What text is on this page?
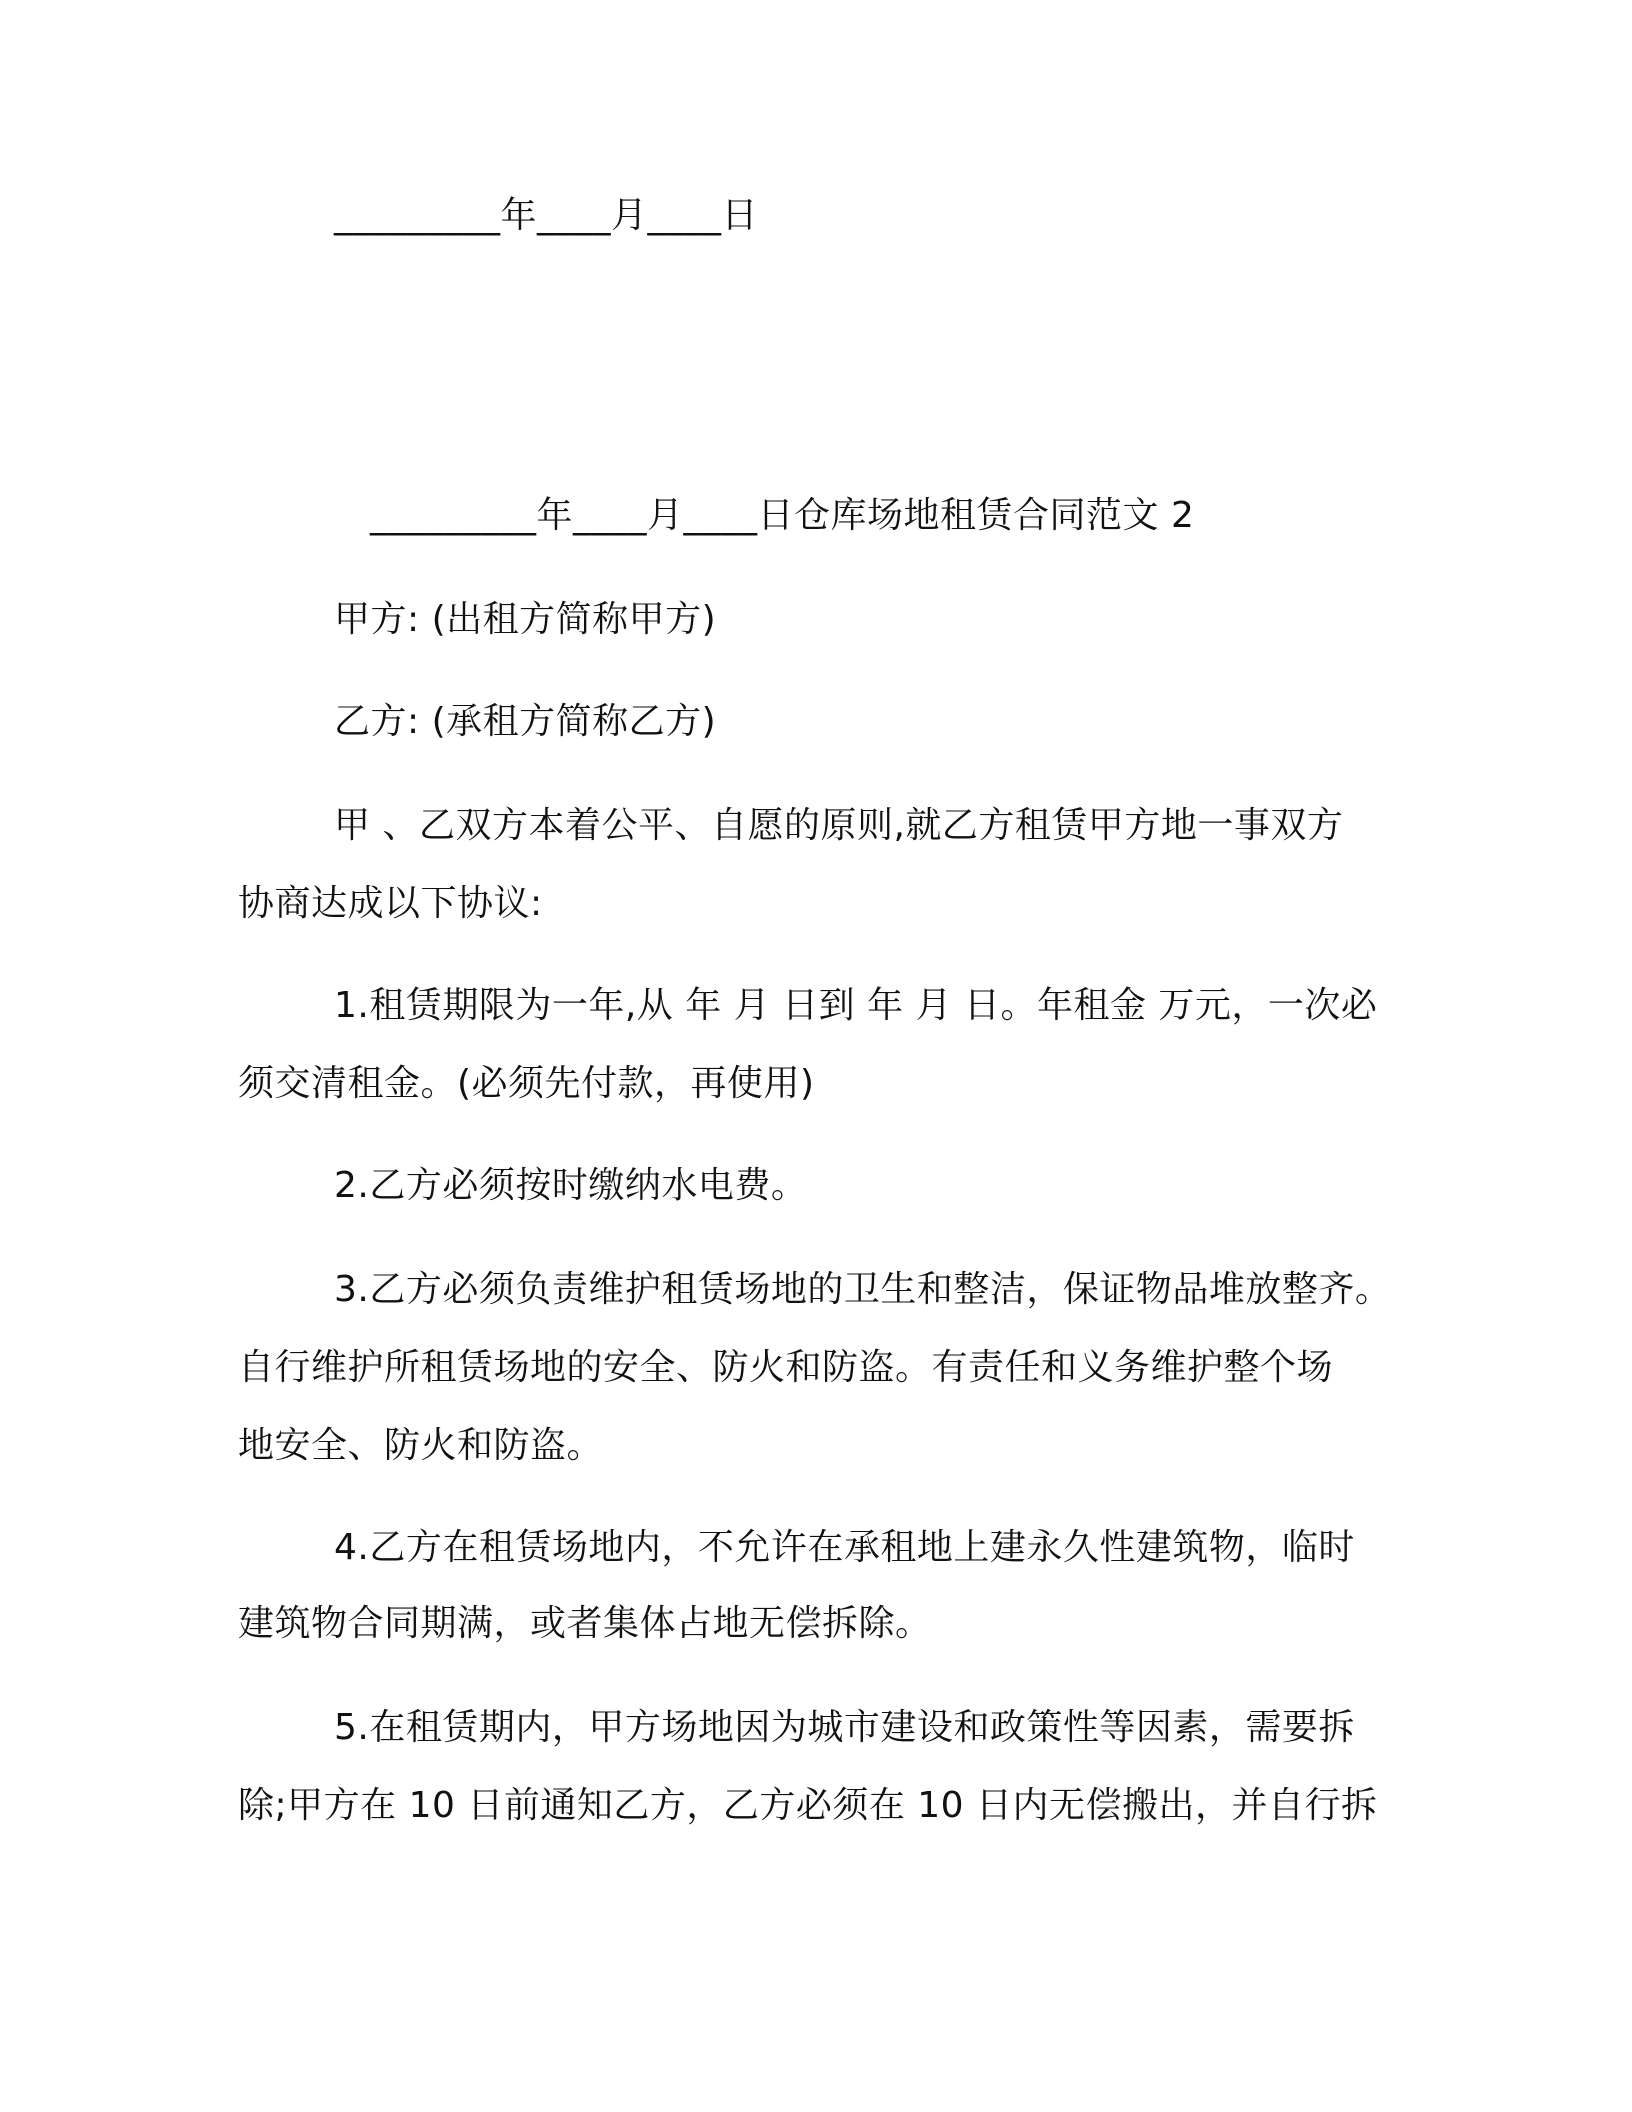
_________年____月____日
_________年____月____日仓库场地租赁合同范文 2
甲方: (出租方简称甲方)
乙方: (承租方简称乙方)
甲 、乙双方本着公平、自愿的原则,就乙方租赁甲方地一事双方
协商达成以下协议:
1.租赁期限为一年,从 年 月 日到 年 月 日。年租金 万元，一次必
须交清租金。(必须先付款，再使用)
2.乙方必须按时缴纳水电费。
3.乙方必须负责维护租赁场地的卫生和整洁，保证物品堆放整齐。
自行维护所租赁场地的安全、防火和防盗。有责任和义务维护整个场
地安全、防火和防盗。
4.乙方在租赁场地内，不允许在承租地上建永久性建筑物，临时
建筑物合同期满，或者集体占地无偿拆除。
5.在租赁期内，甲方场地因为城市建设和政策性等因素，需要拆
除;甲方在 10 日前通知乙方，乙方必须在 10 日内无偿搬出，并自行拆
